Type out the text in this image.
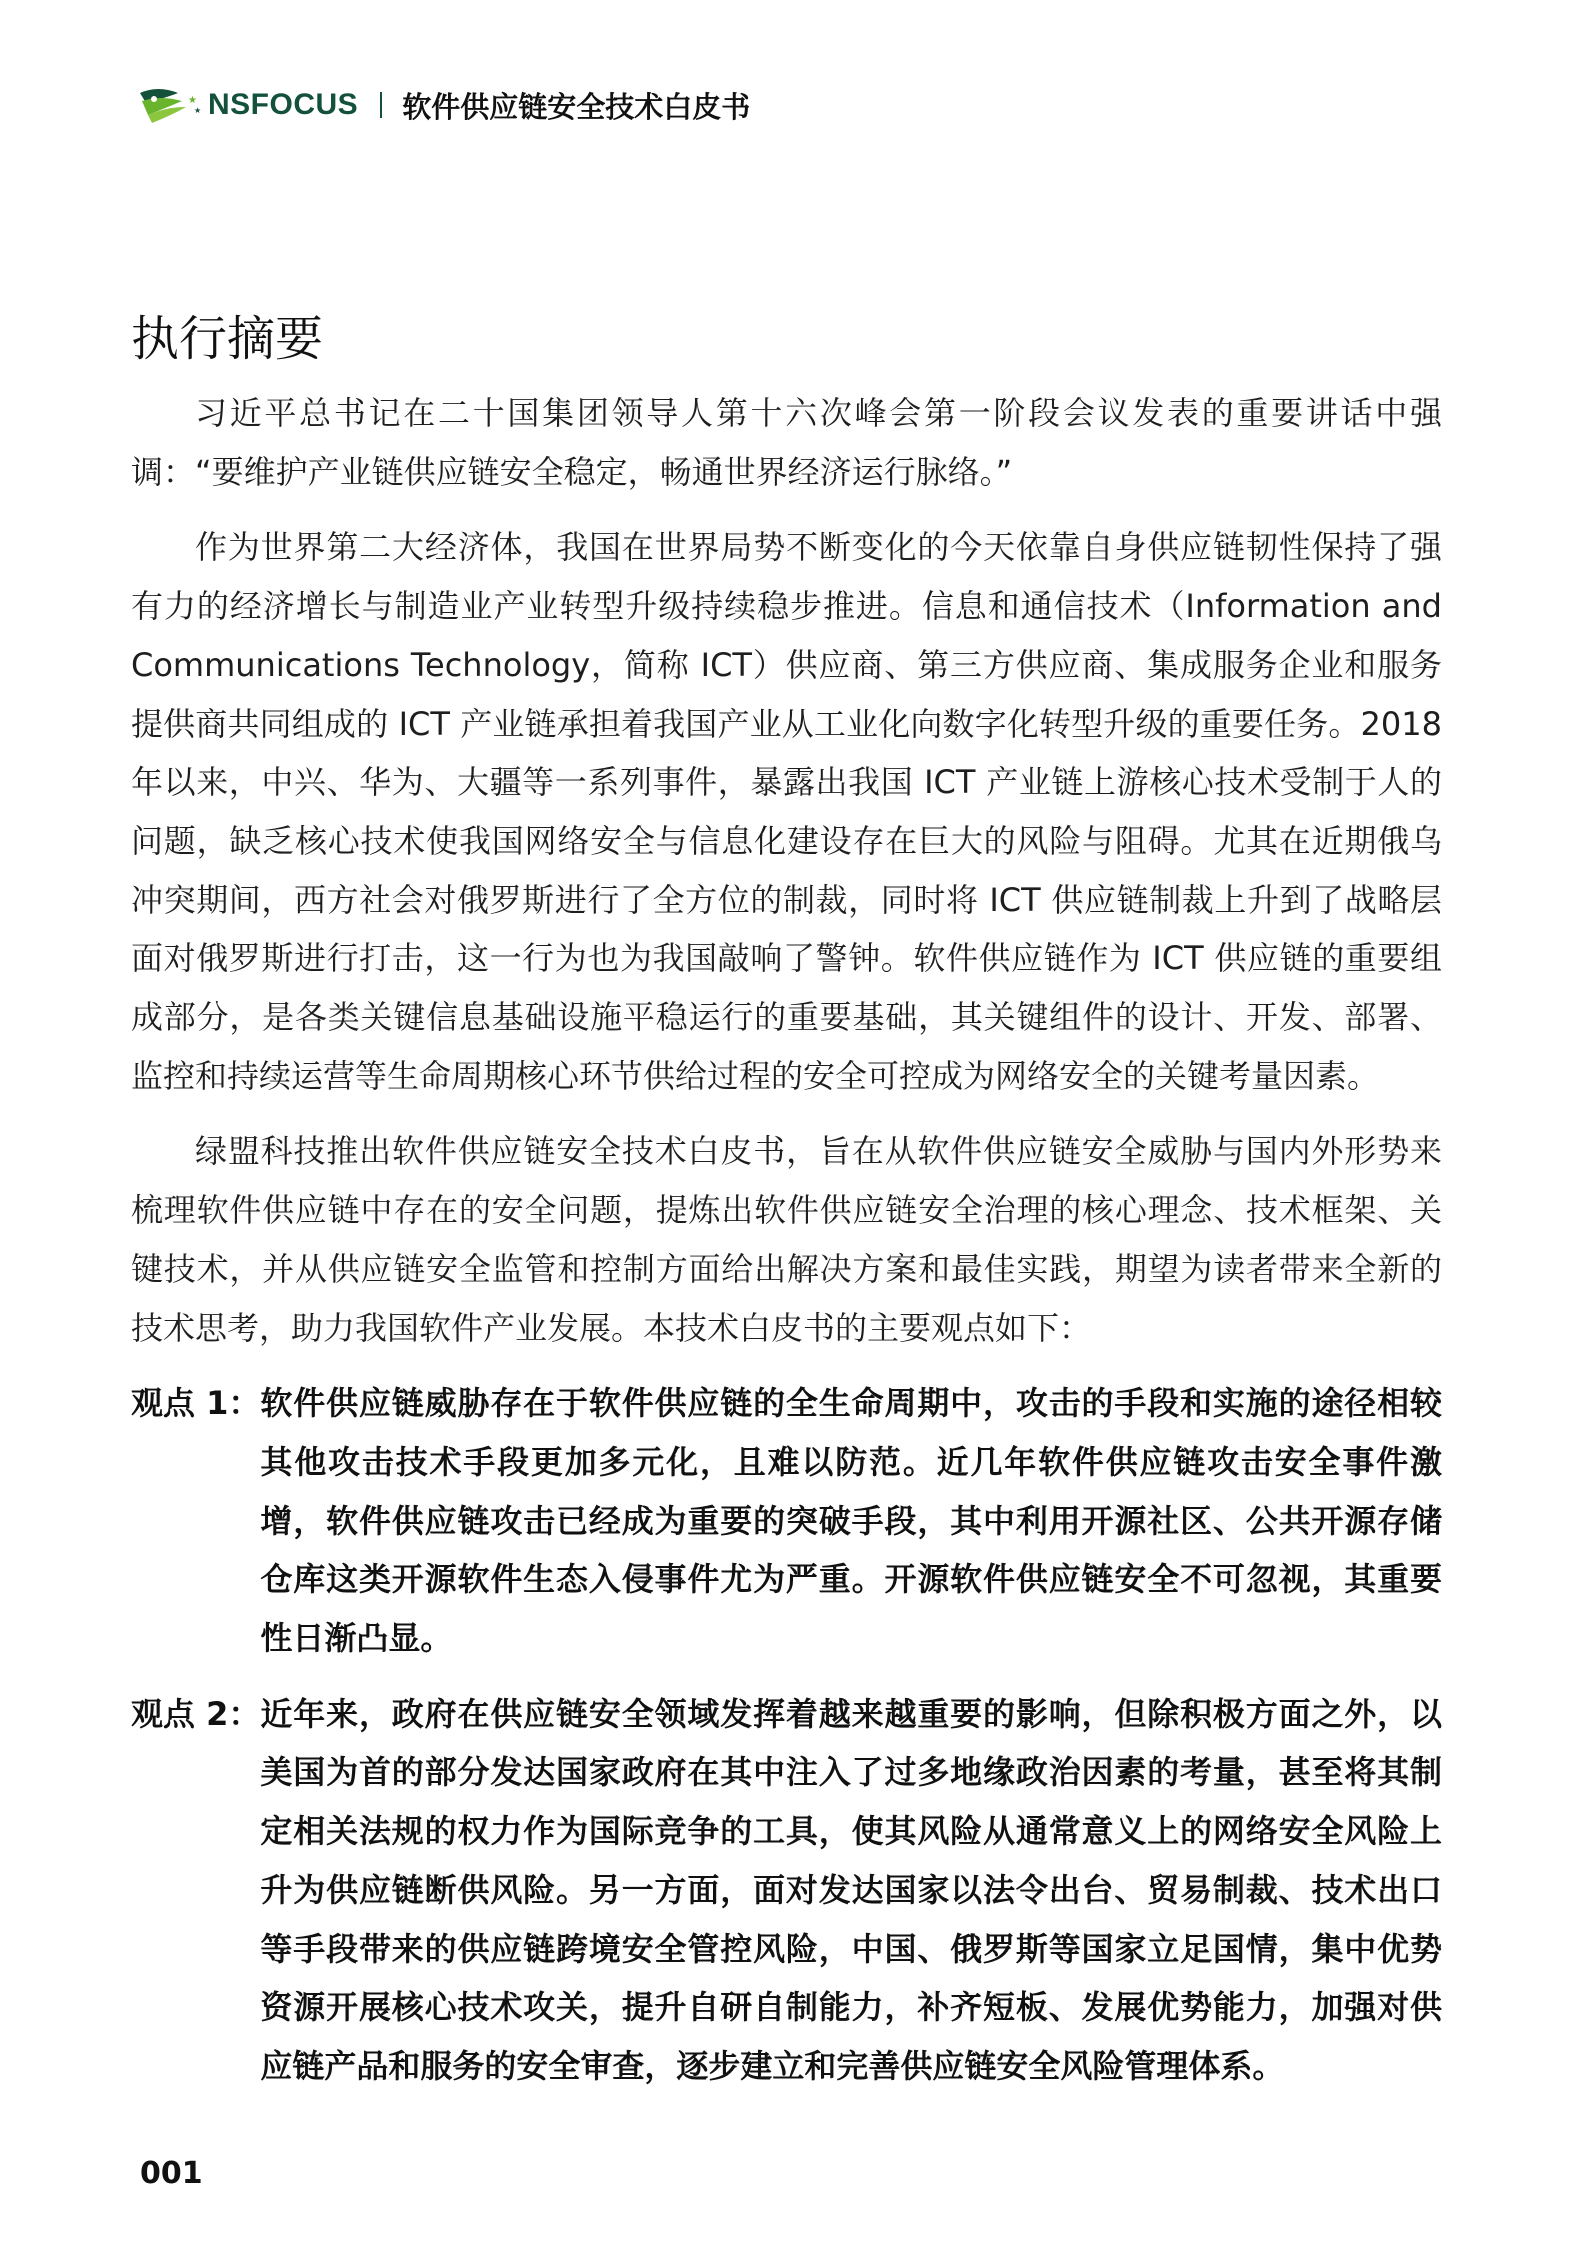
★
★ NSFOCUS 软件供应链安全技术白皮书
执行摘要

习近平总书记在二十国集团领导人第十六次峰会第一阶段会议发表的重要讲话中强调：“要维护产业链供应链安全稳定，畅通世界经济运行脉络。”

作为世界第二大经济体，我国在世界局势不断变化的今天依靠自身供应链韧性保持了强有力的经济增长与制造业产业转型升级持续稳步推进。信息和通信技术（Information and Communications Technology，简称 ICT）供应商、第三方供应商、集成服务企业和服务提供商共同组成的 ICT 产业链承担着我国产业从工业化向数字化转型升级的重要任务。2018 年以来，中兴、华为、大疆等一系列事件，暴露出我国 ICT 产业链上游核心技术受制于人的问题，缺乏核心技术使我国网络安全与信息化建设存在巨大的风险与阻碍。尤其在近期俄乌冲突期间，西方社会对俄罗斯进行了全方位的制裁，同时将 ICT 供应链制裁上升到了战略层面对俄罗斯进行打击，这一行为也为我国敲响了警钟。软件供应链作为 ICT 供应链的重要组成部分，是各类关键信息基础设施平稳运行的重要基础，其关键组件的设计、开发、部署、监控和持续运营等生命周期核心环节供给过程的安全可控成为网络安全的关键考量因素。

绿盟科技推出软件供应链安全技术白皮书，旨在从软件供应链安全威胁与国内外形势来梳理软件供应链中存在的安全问题，提炼出软件供应链安全治理的核心理念、技术框架、关键技术，并从供应链安全监管和控制方面给出解决方案和最佳实践，期望为读者带来全新的技术思考，助力我国软件产业发展。本技术白皮书的主要观点如下：

观点 1： 软件供应链威胁存在于软件供应链的全生命周期中，攻击的手段和实施的途径相较其他攻击技术手段更加多元化，且难以防范。近几年软件供应链攻击安全事件激增，软件供应链攻击已经成为重要的突破手段，其中利用开源社区、公共开源存储仓库这类开源软件生态入侵事件尤为严重。开源软件供应链安全不可忽视，其重要性日渐凸显。
观点 2： 近年来，政府在供应链安全领域发挥着越来越重要的影响，但除积极方面之外，以美国为首的部分发达国家政府在其中注入了过多地缘政治因素的考量，甚至将其制定相关法规的权力作为国际竞争的工具，使其风险从通常意义上的网络安全风险上升为供应链断供风险。另一方面，面对发达国家以法令出台、贸易制裁、技术出口等手段带来的供应链跨境安全管控风险，中国、俄罗斯等国家立足国情，集中优势资源开展核心技术攻关，提升自研自制能力，补齐短板、发展优势能力，加强对供应链产品和服务的安全审查，逐步建立和完善供应链安全风险管理体系。
001
